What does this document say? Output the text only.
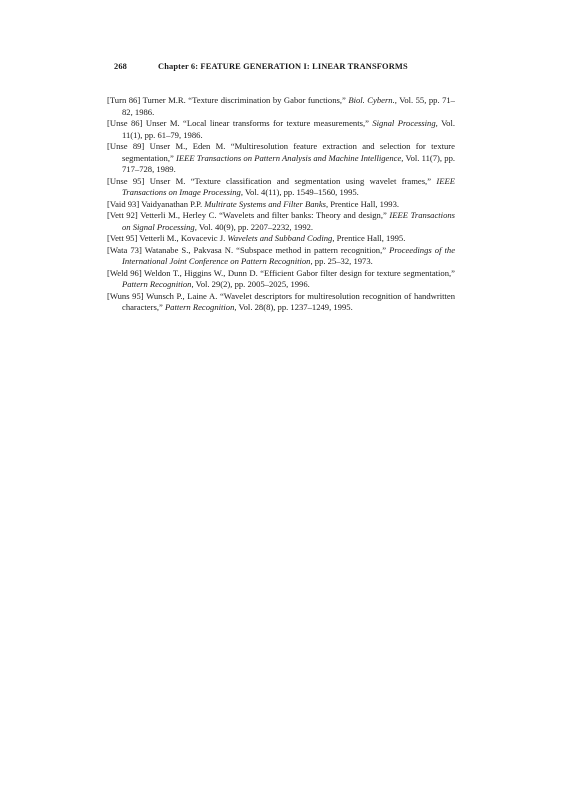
268	Chapter 6: FEATURE GENERATION I: LINEAR TRANSFORMS
[Turn 86] Turner M.R. “Texture discrimination by Gabor functions,” Biol. Cybern., Vol. 55, pp. 71–82, 1986.
[Unse 86] Unser M. “Local linear transforms for texture measurements,” Signal Processing, Vol. 11(1), pp. 61–79, 1986.
[Unse 89] Unser M., Eden M. “Multiresolution feature extraction and selection for texture segmentation,” IEEE Transactions on Pattern Analysis and Machine Intelligence, Vol. 11(7), pp. 717–728, 1989.
[Unse 95] Unser M. “Texture classification and segmentation using wavelet frames,” IEEE Transactions on Image Processing, Vol. 4(11), pp. 1549–1560, 1995.
[Vaid 93] Vaidyanathan P.P. Multirate Systems and Filter Banks, Prentice Hall, 1993.
[Vett 92] Vetterli M., Herley C. “Wavelets and filter banks: Theory and design,” IEEE Transactions on Signal Processing, Vol. 40(9), pp. 2207–2232, 1992.
[Vett 95] Vetterli M., Kovacevic J. Wavelets and Subband Coding, Prentice Hall, 1995.
[Wata 73] Watanabe S., Pakvasa N. “Subspace method in pattern recognition,” Proceedings of the International Joint Conference on Pattern Recognition, pp. 25–32, 1973.
[Weld 96] Weldon T., Higgins W., Dunn D. “Efficient Gabor filter design for texture segmentation,” Pattern Recognition, Vol. 29(2), pp. 2005–2025, 1996.
[Wuns 95] Wunsch P., Laine A. “Wavelet descriptors for multiresolution recognition of handwritten characters,” Pattern Recognition, Vol. 28(8), pp. 1237–1249, 1995.
